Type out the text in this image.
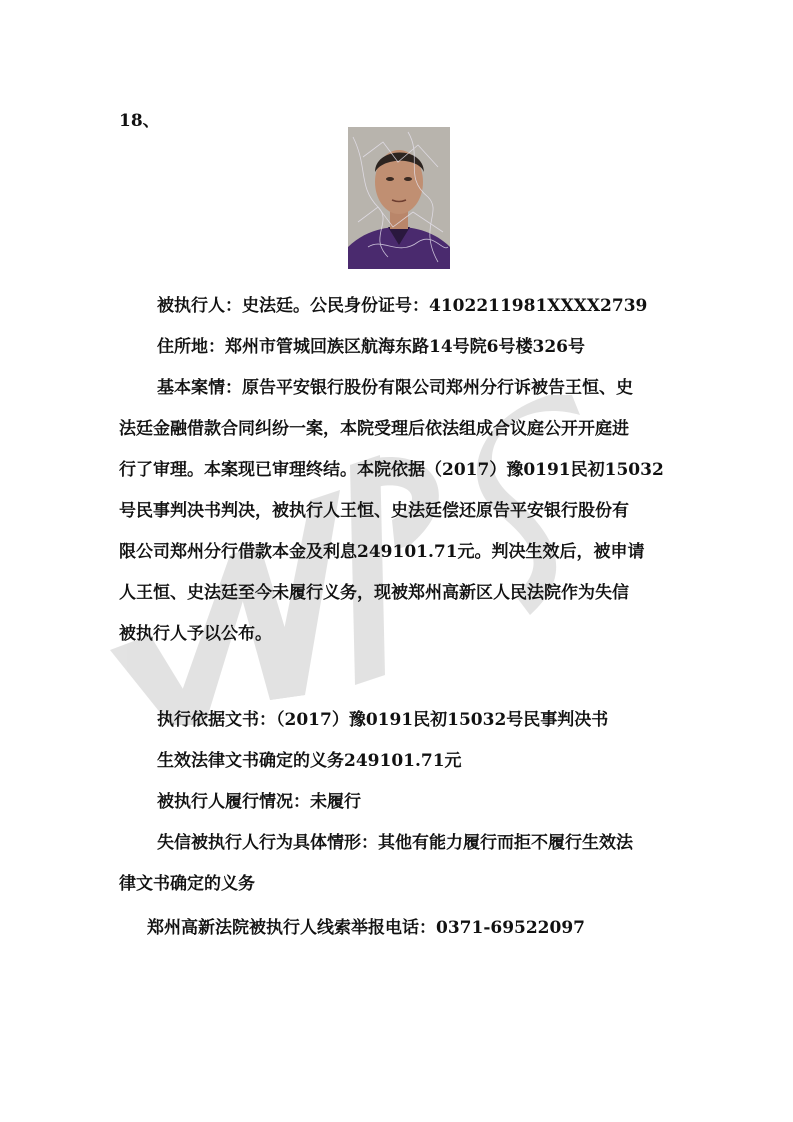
18、
被执行人：史法廷。公民身份证号：4102211981XXXX2739
住所地：郑州市管城回族区航海东路14号院6号楼326号
基本案情：原告平安银行股份有限公司郑州分行诉被告王恒、史
法廷金融借款合同纠纷一案，本院受理后依法组成合议庭公开开庭进
行了审理。本案现已审理终结。本院依据（2017）豫0191民初15032
号民事判决书判决，被执行人王恒、史法廷偿还原告平安银行股份有
限公司郑州分行借款本金及利息249101.71元。判决生效后，被申请
人王恒、史法廷至今未履行义务，现被郑州高新区人民法院作为失信
被执行人予以公布。
执行依据文书：（2017）豫0191民初15032号民事判决书
生效法律文书确定的义务249101.71元
被执行人履行情况：未履行
失信被执行人行为具体情形：其他有能力履行而拒不履行生效法
律文书确定的义务
郑州高新法院被执行人线索举报电话：0371-69522097
